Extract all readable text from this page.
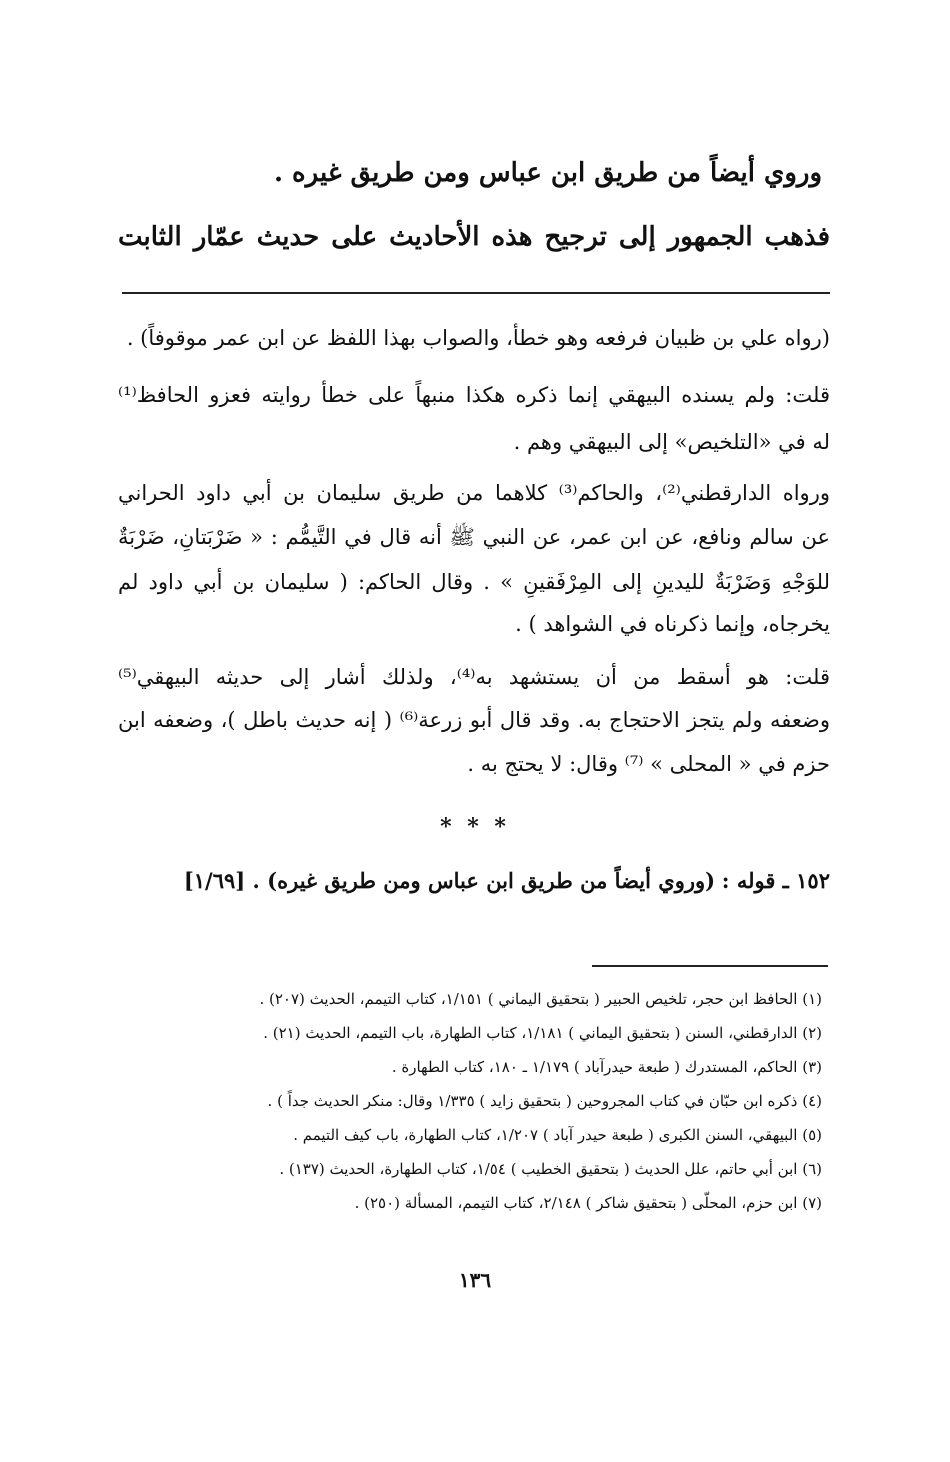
وروي أيضاً من طريق ابن عباس ومن طريق غيره .
فذهب الجمهور إلى ترجيح هذه الأحاديث على حديث عمّار الثابت
(رواه علي بن ظبيان فرفعه وهو خطأ، والصواب بهذا اللفظ عن ابن عمر موقوفاً) .
قلت: ولم يسنده البيهقي إنما ذكره هكذا منبهاً على خطأ روايته فعزو الحافظ⁽¹⁾
له في «التلخيص» إلى البيهقي وهم .
ورواه الدارقطني⁽²⁾، والحاكم⁽³⁾ كلاهما من طريق سليمان بن أبي داود الحراني
عن سالم ونافع، عن ابن عمر، عن النبي ﷺ أنه قال في التَّيمُّم : « ضَرْبَتانِ، ضَرْبَةٌ
للوَجْهِ وَضَرْبَةٌ لليدينِ إلى المِرْفَقينِ » . وقال الحاكم: ( سليمان بن أبي داود لم
يخرجاه، وإنما ذكرناه في الشواهد ) .
قلت: هو أسقط من أن يستشهد به⁽⁴⁾، ولذلك أشار إلى حديثه البيهقي⁽⁵⁾
وضعفه ولم يتجز الاحتجاج به. وقد قال أبو زرعة⁽⁶⁾ ( إنه حديث باطل )، وضعفه ابن
حزم في « المحلى » ⁽⁷⁾ وقال: لا يحتج به .
* * *
١٥٢ ـ قوله : (وروي أيضاً من طريق ابن عباس ومن طريق غيره) . [١/٦٩]
(١) الحافظ ابن حجر، تلخيص الحبير ( بتحقيق اليماني ) ١/١٥١، كتاب التيمم، الحديث (٢٠٧) .
(٢) الدارقطني، السنن ( بتحقيق اليماني ) ١/١٨١، كتاب الطهارة، باب التيمم، الحديث (٢١) .
(٣) الحاكم، المستدرك ( طبعة حيدرآباد ) ١/١٧٩ ـ ١٨٠، كتاب الطهارة .
(٤) ذكره ابن حبّان في كتاب المجروحين ( بتحقيق زايد ) ١/٣٣٥ وقال: منكر الحديث جداً ) .
(٥) البيهقي، السنن الكبرى ( طبعة حيدر آباد ) ١/٢٠٧، كتاب الطهارة، باب كيف التيمم .
(٦) ابن أبي حاتم، علل الحديث ( بتحقيق الخطيب ) ١/٥٤، كتاب الطهارة، الحديث (١٣٧) .
(٧) ابن حزم، المحلّى ( بتحقيق شاكر ) ٢/١٤٨، كتاب التيمم، المسألة (٢٥٠) .
١٣٦
